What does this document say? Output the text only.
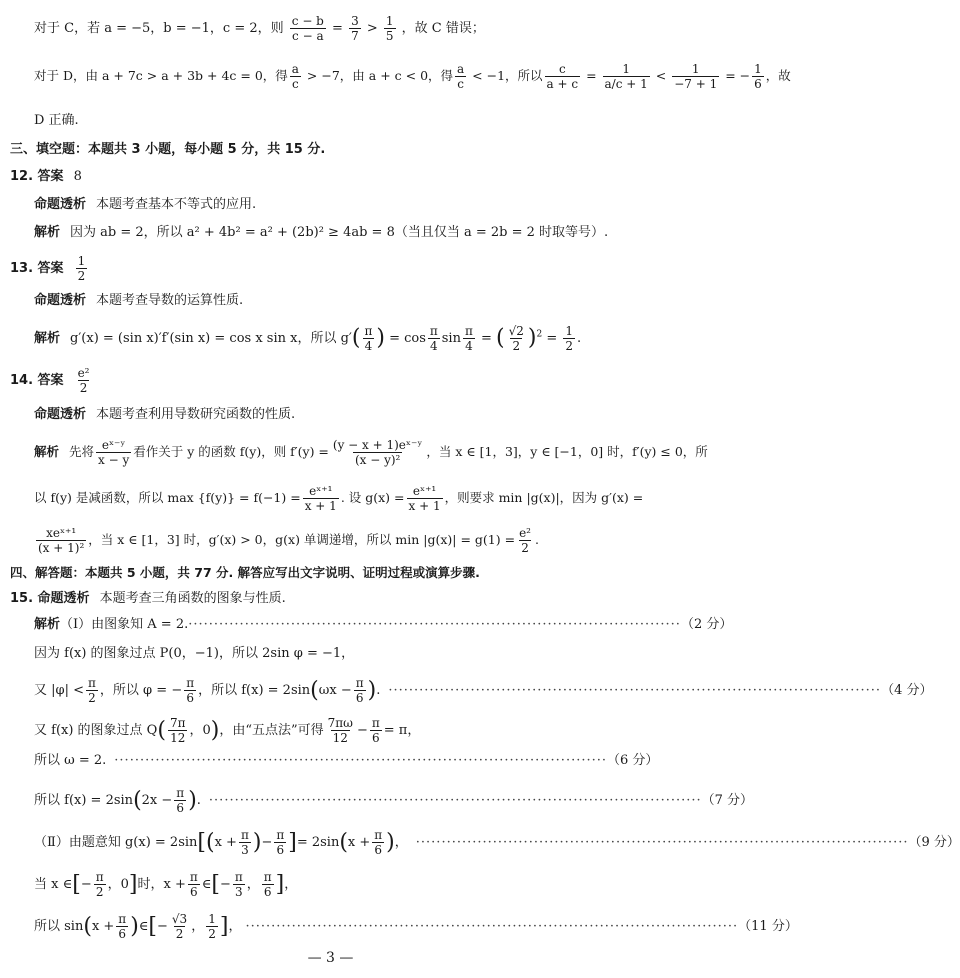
对于 C，若 a = −5，b = −1，c = 2，则 $\frac{c - b}{c - a} = \frac{3}{7} > \frac{1}{5}$ ，故 C 错误；
对于 D，由 a + 7c > a + 3b + 4c = 0，得 $\frac{a}{c} > -7$，由 a + c < 0，得 $\frac{a}{c} < -1$，所以 $\frac{c}{a + c} = \frac{1}{a/c + 1} < \frac{1}{-7 + 1}$ = − $\frac{1}{6}$ ，故
D 正确.
三、填空题：本题共 3 小题，每小题 5 分，共 15 分.
12. 答案 8
命题透析 本题考查基本不等式的应用.
解析 因为 ab = 2，所以 a² + 4b² = a² + (2b)² ≥ 4ab = 8（当且仅当 a = 2b = 2 时取等号）.
13. 答案 $\frac{1}{2}$
命题透析 本题考查导数的运算性质.
解析 g′(x) = (sin x)′f′(sin x) = cos x sin x，所以 $g'( \frac{\pi}{4}$ ) = $\cos \frac{\pi}{4}$ $\sin \frac{\pi}{4}$ = ( $\frac{√2}{2} )^2 = \frac{1}{2}$ .
14. 答案 $\frac{\text{e²}}{2}$
命题透析 本题考查利用导数研究函数的性质.
解析 先将 $\frac{\text{eˣ⁻ʸ}}{x - y}$ 看作关于 y 的函数 f(y)，则 $f'(y) = \frac{\text{(y − x + 1)eˣ⁻ʸ}}{\text{(x − y)²}}$ ，当 x ∈ [1，3]，y ∈ [−1，0] 时，f′(y) ≤ 0，所
以 f(y) 是减函数，所以 $\max \{f(y)\} = f(-1) = \frac{\text{eˣ⁺¹}}{x + 1}$ . 设 $g(x) = \frac{\text{eˣ⁺¹}}{x + 1}$ ，则要求 min |g(x)|，因为 g′(x) =
$\frac{\text{xeˣ⁺¹}}{\text{(x + 1)²}}$ ，当 x ∈ [1，3] 时，g′(x) > 0，g(x) 单调递增，所以 $\min |g(x)| = g(1) = \frac{\text{e²}}{2}$ .
四、解答题：本题共 5 小题，共 77 分. 解答应写出文字说明、证明过程或演算步骤.
15. 命题透析 本题考查三角函数的图象与性质.
解析 （Ⅰ）由图象知 A = 2. ································································································ （2 分）
因为 f(x) 的图象过点 P(0，−1)，所以 2sin φ = −1，
又 $|\varphi| < \frac{\pi}{2}$ ，所以 φ = − $\frac{\pi}{6}$ ，所以 f(x) = 2sin ( $\omega x - \frac{\pi}{6}$ ) . ································································································ （4 分）
又 f(x) 的图象过点 Q ( $\frac{7\pi}{12}$ ，0 ) ，由“五点法”可得 $\frac{7\pi\omega}{12} - \frac{\pi}{6} = \pi$，
所以 ω = 2. ································································································ （6 分）
所以 f(x) = 2sin ( $2x - \frac{\pi}{6}$ ) . ································································································ （7 分）
（Ⅱ）由题意知 g(x) = 2sin [ ( $x + \frac{\pi}{3}$ ) − $\frac{\pi}{6}$ ] = 2sin ( $x + \frac{\pi}{6}$ ) ， ································································································ （9 分）
当 x ∈ [ − $\frac{\pi}{2}$ ，0 ] 时，$x + \frac{\pi}{6}$ ∈ [ − $\frac{\pi}{3}$ ， $\frac{\pi}{6}$ ] ，
所以 sin ( $x + \frac{\pi}{6}$ ) ∈ [ − $\frac{√3}{2}$ ， $\frac{1}{2}$ ] ， ································································································ （11 分）
— 3 —
